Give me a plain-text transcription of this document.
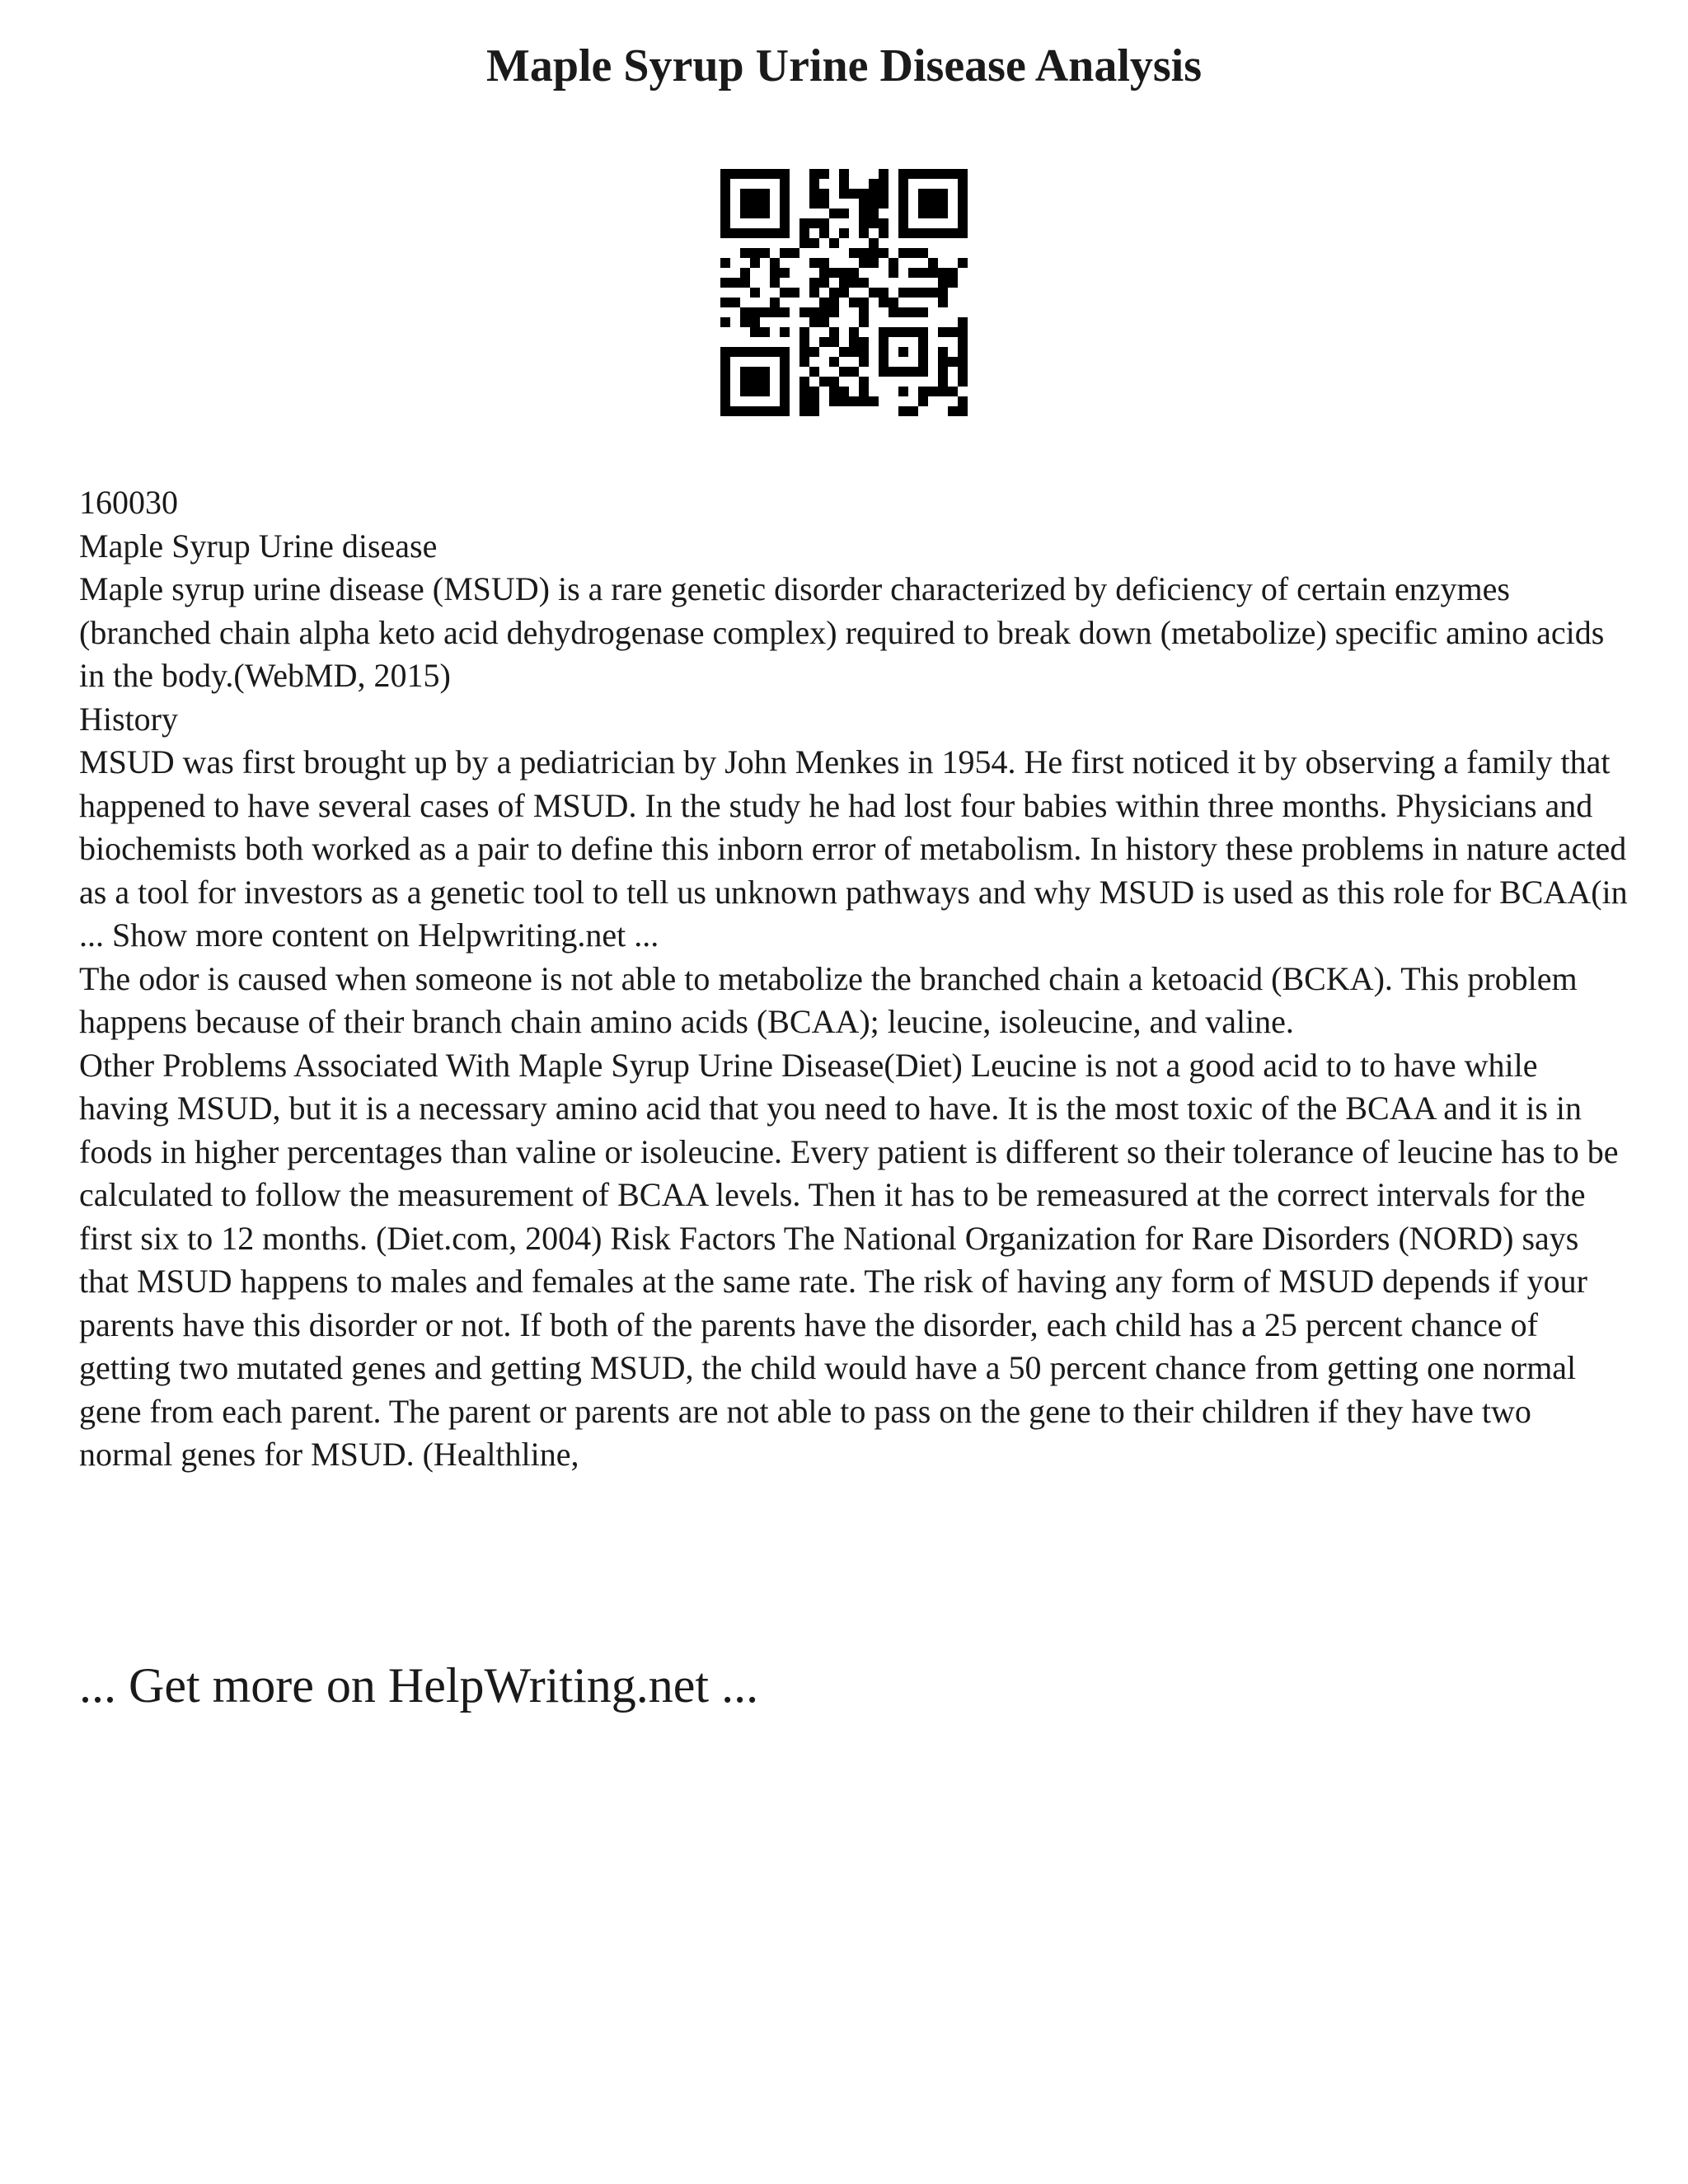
Maple Syrup Urine Disease Analysis

160030

Maple Syrup Urine disease

Maple syrup urine disease (MSUD) is a rare genetic disorder characterized by deficiency of certain enzymes (branched chain alpha keto acid dehydrogenase complex) required to break down (metabolize) specific amino acids in the body.(WebMD, 2015)

History

MSUD was first brought up by a pediatrician by John Menkes in 1954. He first noticed it by observing a family that happened to have several cases of MSUD. In the study he had lost four babies within three months. Physicians and biochemists both worked as a pair to define this inborn error of metabolism. In history these problems in nature acted as a tool for investors as a genetic tool to tell us unknown pathways and why MSUD is used as this role for BCAA(in ... Show more content on Helpwriting.net ...

The odor is caused when someone is not able to metabolize the branched chain a ketoacid (BCKA). This problem happens because of their branch chain amino acids (BCAA); leucine, isoleucine, and valine.

Other Problems Associated With Maple Syrup Urine Disease(Diet) Leucine is not a good acid to to have while having MSUD, but it is a necessary amino acid that you need to have. It is the most toxic of the BCAA and it is in foods in higher percentages than valine or isoleucine. Every patient is different so their tolerance of leucine has to be calculated to follow the measurement of BCAA levels. Then it has to be remeasured at the correct intervals for the first six to 12 months. (Diet.com, 2004) Risk Factors The National Organization for Rare Disorders (NORD) says that MSUD happens to males and females at the same rate. The risk of having any form of MSUD depends if your parents have this disorder or not. If both of the parents have the disorder, each child has a 25 percent chance of getting two mutated genes and getting MSUD, the child would have a 50 percent chance from getting one normal gene from each parent. The parent or parents are not able to pass on the gene to their children if they have two normal genes for MSUD. (Healthline,

... Get more on HelpWriting.net ...
